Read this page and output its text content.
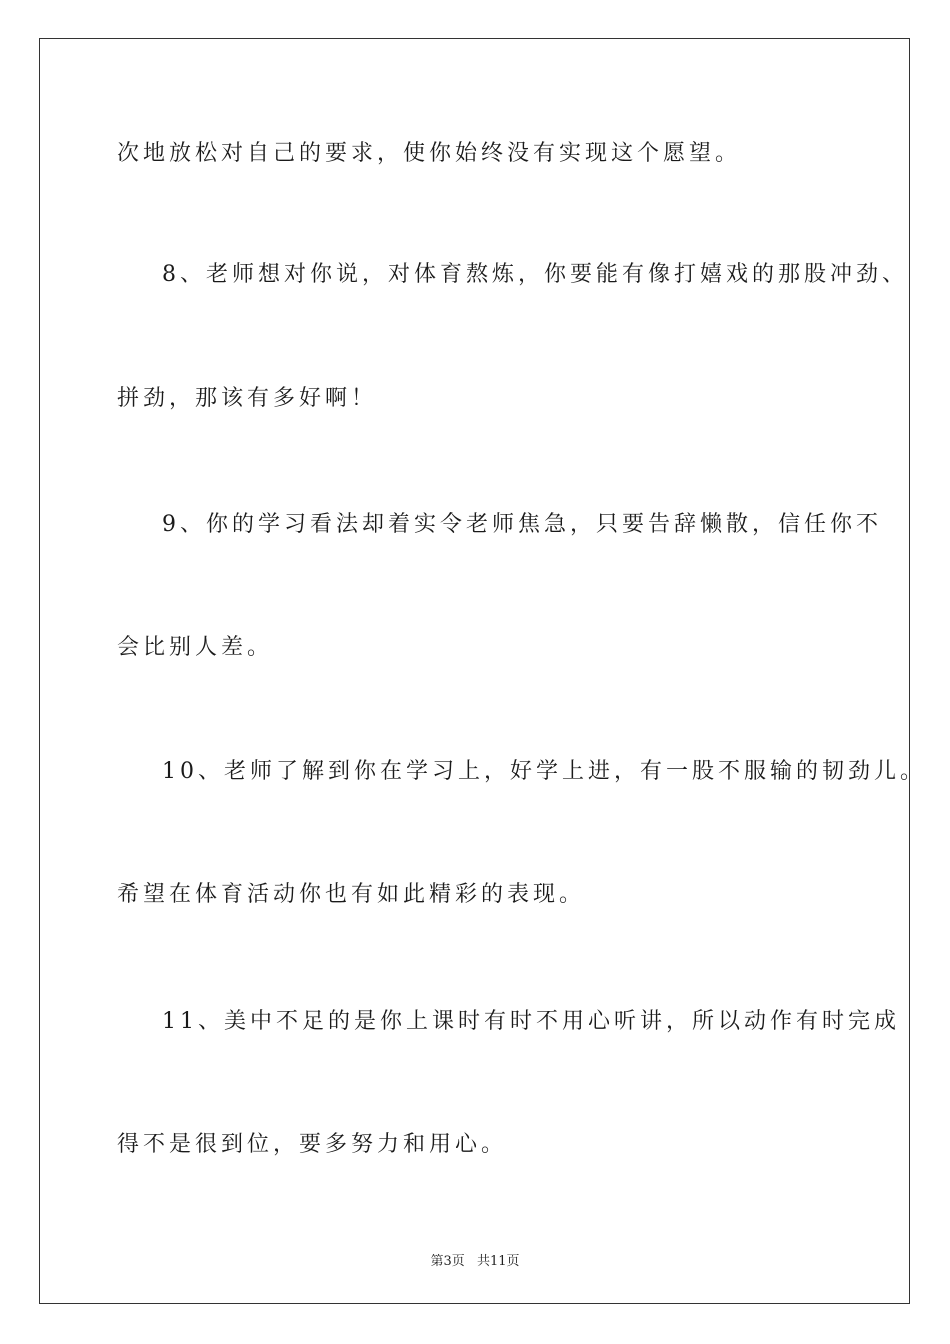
次地放松对自己的要求，使你始终没有实现这个愿望。
8、老师想对你说，对体育熬炼，你要能有像打嬉戏的那股冲劲、
拼劲，那该有多好啊！
9、你的学习看法却着实令老师焦急，只要告辞懒散，信任你不
会比别人差。
10、老师了解到你在学习上，好学上进，有一股不服输的韧劲儿。
希望在体育活动你也有如此精彩的表现。
11、美中不足的是你上课时有时不用心听讲，所以动作有时完成
得不是很到位，要多努力和用心。
第3页 共11页
